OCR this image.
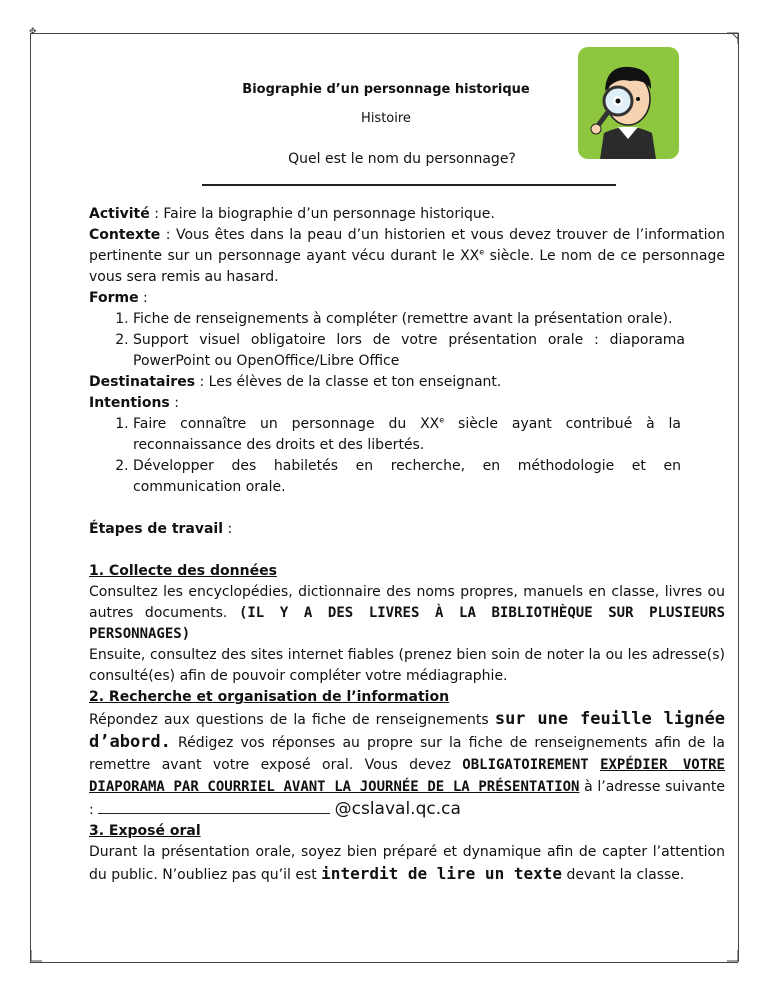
✥
Biographie d’un personnage historique
Histoire
Quel est le nom du personnage?

Activité : Faire la biographie d’un personnage historique.

Contexte : Vous êtes dans la peau d’un historien et vous devez trouver de l’information pertinente sur un personnage ayant vécu durant le XXe siècle. Le nom de ce personnage vous sera remis au hasard.

Forme :

1. Fiche de renseignements à compléter (remettre avant la présentation orale).
2. Support visuel obligatoire lors de votre présentation orale : diaporama PowerPoint ou OpenOffice/Libre Office

Destinataires : Les élèves de la classe et ton enseignant.

Intentions :

1. Faire connaître un personnage du XXe siècle ayant contribué à la reconnaissance des droits et des libertés.
2. Développer des habiletés en recherche, en méthodologie et en communication orale.

Étapes de travail :

1. Collecte des données

Consultez les encyclopédies, dictionnaire des noms propres, manuels en classe, livres ou autres documents. (IL Y A DES LIVRES À LA BIBLIOTHÈQUE SUR PLUSIEURS PERSONNAGES)

Ensuite, consultez des sites internet fiables (prenez bien soin de noter la ou les adresse(s) consulté(es) afin de pouvoir compléter votre médiagraphie.

2. Recherche et organisation de l’information

Répondez aux questions de la fiche de renseignements sur une feuille lignée d’abord. Rédigez vos réponses au propre sur la fiche de renseignements afin de la remettre avant votre exposé oral. Vous devez OBLIGATOIREMENT EXPÉDIER VOTRE DIAPORAMA PAR COURRIEL AVANT LA JOURNÉE DE LA PRÉSENTATION à l’adresse suivante :	@cslaval.qc.ca

3. Exposé oral

Durant la présentation orale, soyez bien préparé et dynamique afin de capter l’attention du public. N’oubliez pas qu’il est interdit de lire un texte devant la classe.
